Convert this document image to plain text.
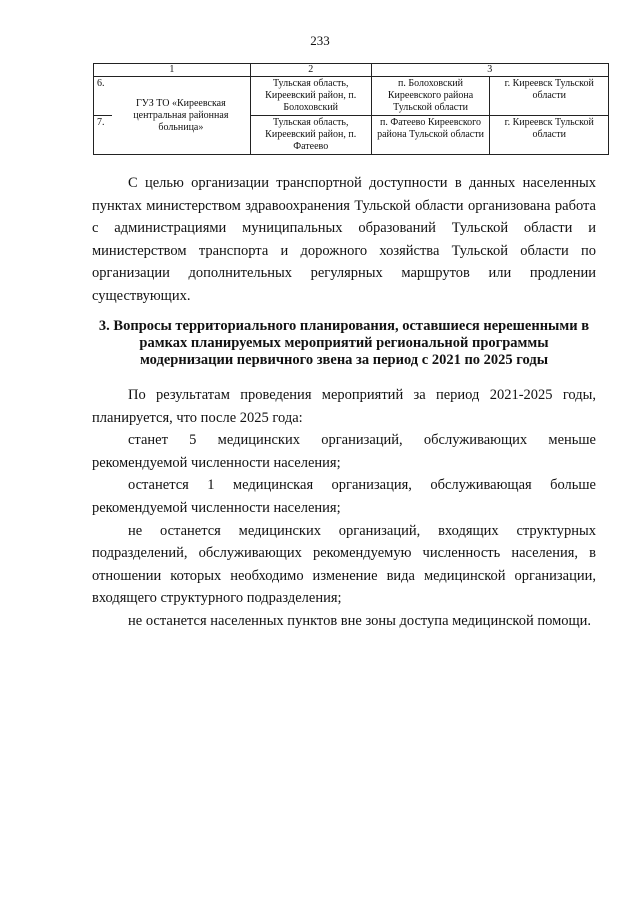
233
1		2	3	
6.	ГУЗ ТО «Киреевская центральная районная больница»	Тульская область, Киреевский район, п. Болоховский	п. Болоховский Киреевского района Тульской области	г. Киреевск Тульской области
7.		Тульская область, Киреевский район, п. Фатеево	п. Фатеево Киреевского района Тульской области	г. Киреевск Тульской области
С целью организации транспортной доступности в данных населенных пунктах министерством здравоохранения Тульской области организована работа с администрациями муниципальных образований Тульской области и министерством транспорта и дорожного хозяйства Тульской области по организации дополнительных регулярных маршрутов или продлении существующих.
3. Вопросы территориального планирования, оставшиеся нерешенными в рамках планируемых мероприятий региональной программы модернизации первичного звена за период с 2021 по 2025 годы
По результатам проведения мероприятий за период 2021-2025 годы, планируется, что после 2025 года:
станет 5 медицинских организаций, обслуживающих меньше рекомендуемой численности населения;
останется 1 медицинская организация, обслуживающая больше рекомендуемой численности населения;
не останется медицинских организаций, входящих структурных подразделений, обслуживающих рекомендуемую численность населения, в отношении которых необходимо изменение вида медицинской организации, входящего структурного подразделения;
не останется населенных пунктов вне зоны доступа медицинской помощи.
